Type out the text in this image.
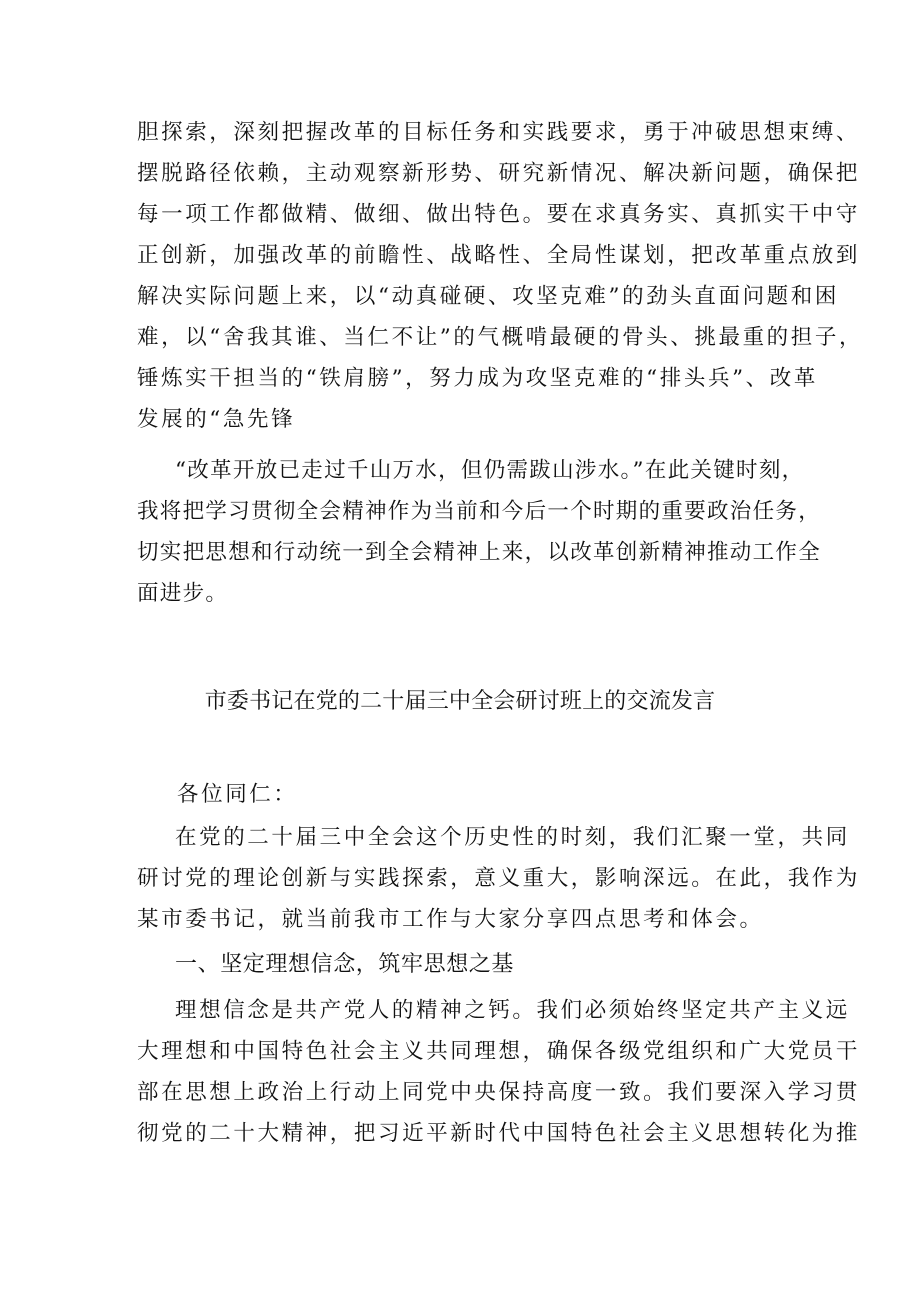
胆探索，深刻把握改革的目标任务和实践要求，勇于冲破思想束缚、
摆脱路径依赖，主动观察新形势、研究新情况、解决新问题，确保把
每一项工作都做精、做细、做出特色。要在求真务实、真抓实干中守
正创新，加强改革的前瞻性、战略性、全局性谋划，把改革重点放到
解决实际问题上来，以“动真碰硬、攻坚克难”的劲头直面问题和困
难，以“舍我其谁、当仁不让”的气概啃最硬的骨头、挑最重的担子，
锤炼实干担当的“铁肩膀”，努力成为攻坚克难的“排头兵”、改革
发展的“急先锋
“改革开放已走过千山万水，但仍需跋山涉水。”在此关键时刻，
我将把学习贯彻全会精神作为当前和今后一个时期的重要政治任务，
切实把思想和行动统一到全会精神上来，以改革创新精神推动工作全
面进步。
市委书记在党的二十届三中全会研讨班上的交流发言
各位同仁：
在党的二十届三中全会这个历史性的时刻，我们汇聚一堂，共同
研讨党的理论创新与实践探索，意义重大，影响深远。在此，我作为
某市委书记，就当前我市工作与大家分享四点思考和体会。
一、坚定理想信念，筑牢思想之基
理想信念是共产党人的精神之钙。我们必须始终坚定共产主义远
大理想和中国特色社会主义共同理想，确保各级党组织和广大党员干
部在思想上政治上行动上同党中央保持高度一致。我们要深入学习贯
彻党的二十大精神，把习近平新时代中国特色社会主义思想转化为推
